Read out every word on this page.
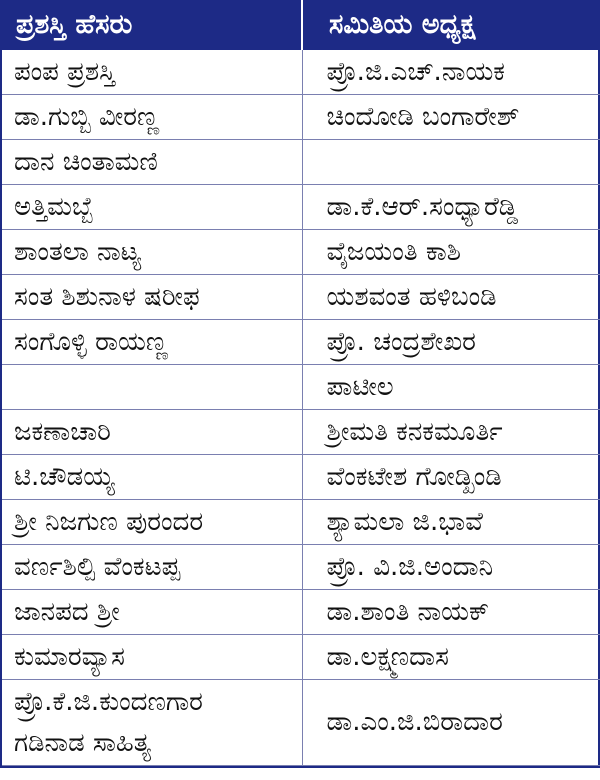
ಪ್ರಶಸ್ತಿ ಹೆಸರು	ಸಮಿತಿಯ ಅಧ್ಯಕ್ಷ
ಪಂಪ ಪ್ರಶಸ್ತಿ	ಪ್ರೊ.ಜಿ.ಎಚ್.ನಾಯಕ
ಡಾ.ಗುಬ್ಬಿ ವೀರಣ್ಣ	ಚಿಂದೋಡಿ ಬಂಗಾರೇಶ್
ದಾನ ಚಿಂತಾಮಣಿ	
ಅತ್ತಿಮಬ್ಬೆ	ಡಾ.ಕೆ.ಆರ್.ಸಂಧ್ಯಾರೆಡ್ಡಿ
ಶಾಂತಲಾ ನಾಟ್ಯ	ವೈಜಯಂತಿ ಕಾಶಿ
ಸಂತ ಶಿಶುನಾಳ ಷರೀಫ	ಯಶವಂತ ಹಳಿಬಂಡಿ
ಸಂಗೊಳ್ಳಿ ರಾಯಣ್ಣ	ಪ್ರೊ. ಚಂದ್ರಶೇಖರ
	ಪಾಟೀಲ
ಜಕಣಾಚಾರಿ	ಶ್ರೀಮತಿ ಕನಕಮೂರ್ತಿ
ಟಿ.ಚೌಡಯ್ಯ	ವೆಂಕಟೇಶ ಗೋಡ್ಖಿಂಡಿ
ಶ್ರೀ ನಿಜಗುಣ ಪುರಂದರ	ಶ್ಯಾಮಲಾ ಜಿ.ಭಾವೆ
ವರ್ಣಶಿಲ್ಪಿ ವೆಂಕಟಪ್ಪ	ಪ್ರೊ. ವಿ.ಜಿ.ಅಂದಾನಿ
ಜಾನಪದ ಶ್ರೀ	ಡಾ.ಶಾಂತಿ ನಾಯಕ್
ಕುಮಾರವ್ಯಾಸ	ಡಾ.ಲಕ್ಷ್ಮಣದಾಸ

ಪ್ರೊ.ಕೆ.ಜಿ.ಕುಂದಣಗಾರ
ಗಡಿನಾಡ ಸಾಹಿತ್ಯ	ಡಾ.ಎಂ.ಜಿ.ಬಿರಾದಾರ
